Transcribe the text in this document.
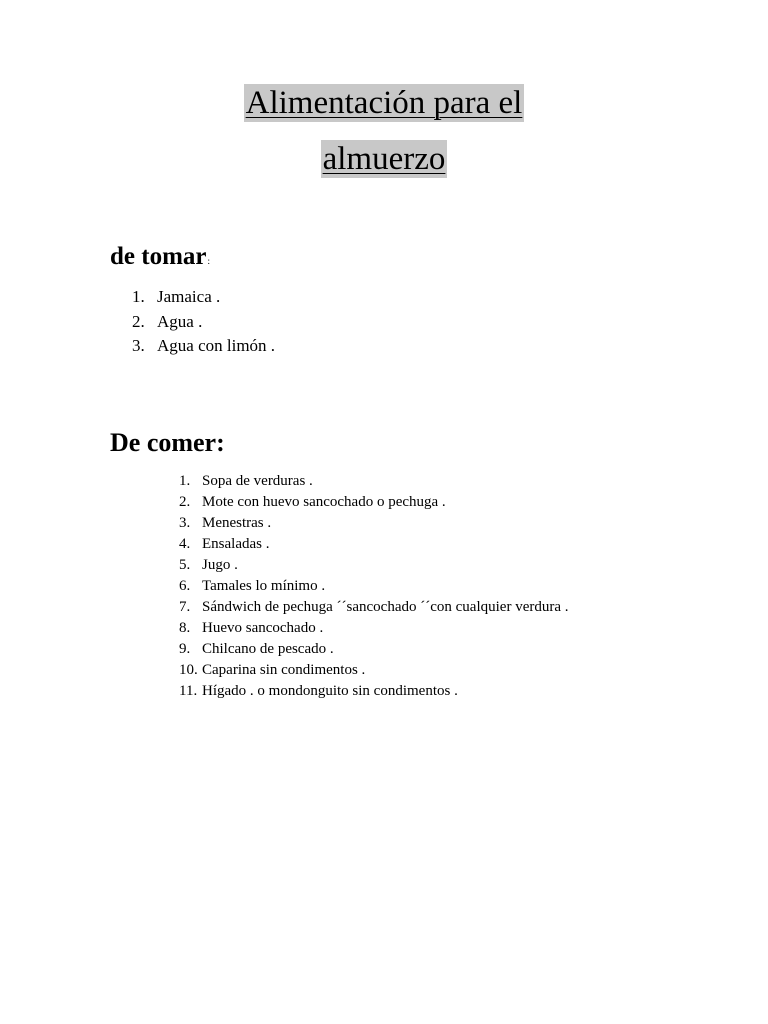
Alimentación para el
almuerzo
de tomar:
1. Jamaica .
2. Agua .
3. Agua con limón .
De comer:
1. Sopa de verduras .
2. Mote con huevo sancochado o pechuga .
3. Menestras .
4. Ensaladas .
5. Jugo .
6. Tamales lo mínimo .
7. Sándwich de pechuga ´´sancochado ´´con cualquier verdura .
8. Huevo sancochado .
9. Chilcano de pescado .
10. Caparina sin condimentos .
11. Hígado . o mondonguito sin condimentos .
